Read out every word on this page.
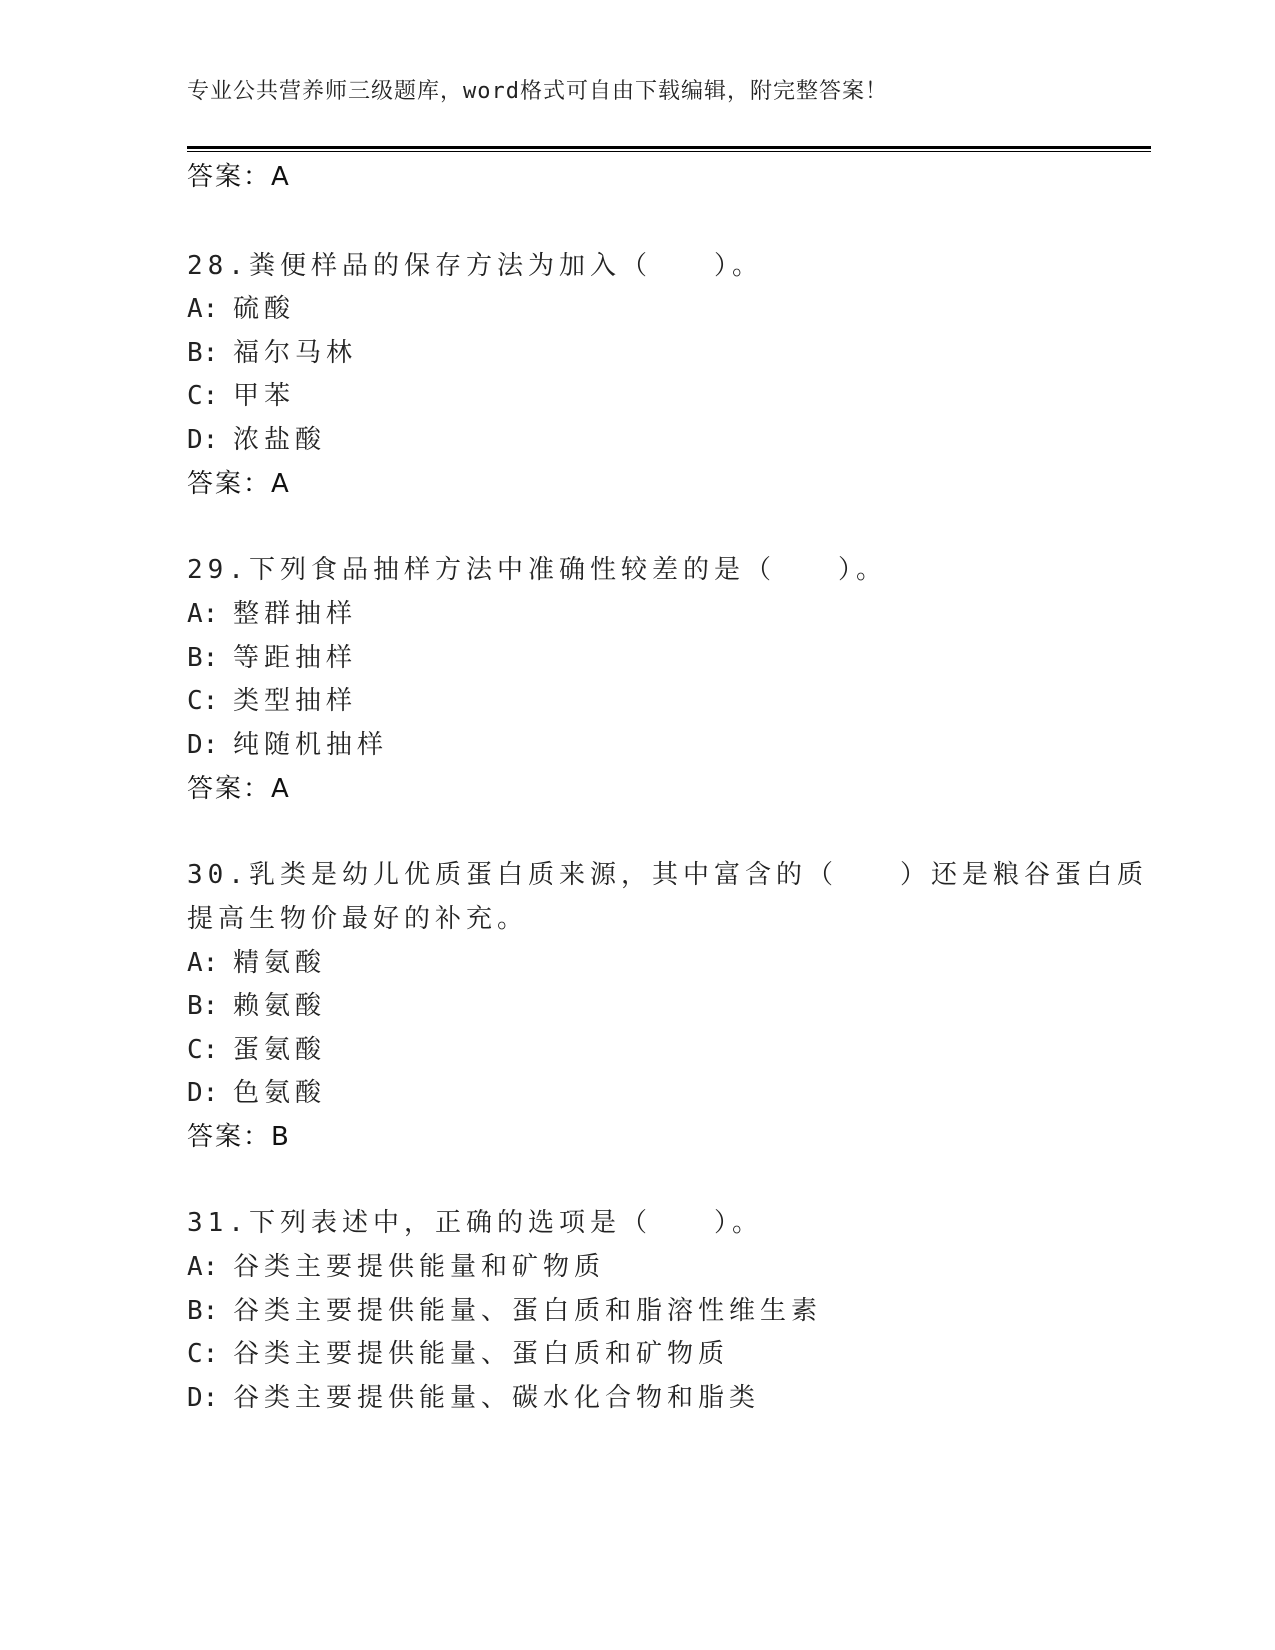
专业公共营养师三级题库，word格式可自由下载编辑，附完整答案！
答案：A
28.粪便样品的保存方法为加入（　　）。
A: 硫酸
B: 福尔马林
C: 甲苯
D: 浓盐酸
答案：A
29.下列食品抽样方法中准确性较差的是（　　）。
A: 整群抽样
B: 等距抽样
C: 类型抽样
D: 纯随机抽样
答案：A
30.乳类是幼儿优质蛋白质来源，其中富含的（　　）还是粮谷蛋白质
提高生物价最好的补充。
A: 精氨酸
B: 赖氨酸
C: 蛋氨酸
D: 色氨酸
答案：B
31.下列表述中，正确的选项是（　　）。
A: 谷类主要提供能量和矿物质
B: 谷类主要提供能量、蛋白质和脂溶性维生素
C: 谷类主要提供能量、蛋白质和矿物质
D: 谷类主要提供能量、碳水化合物和脂类
